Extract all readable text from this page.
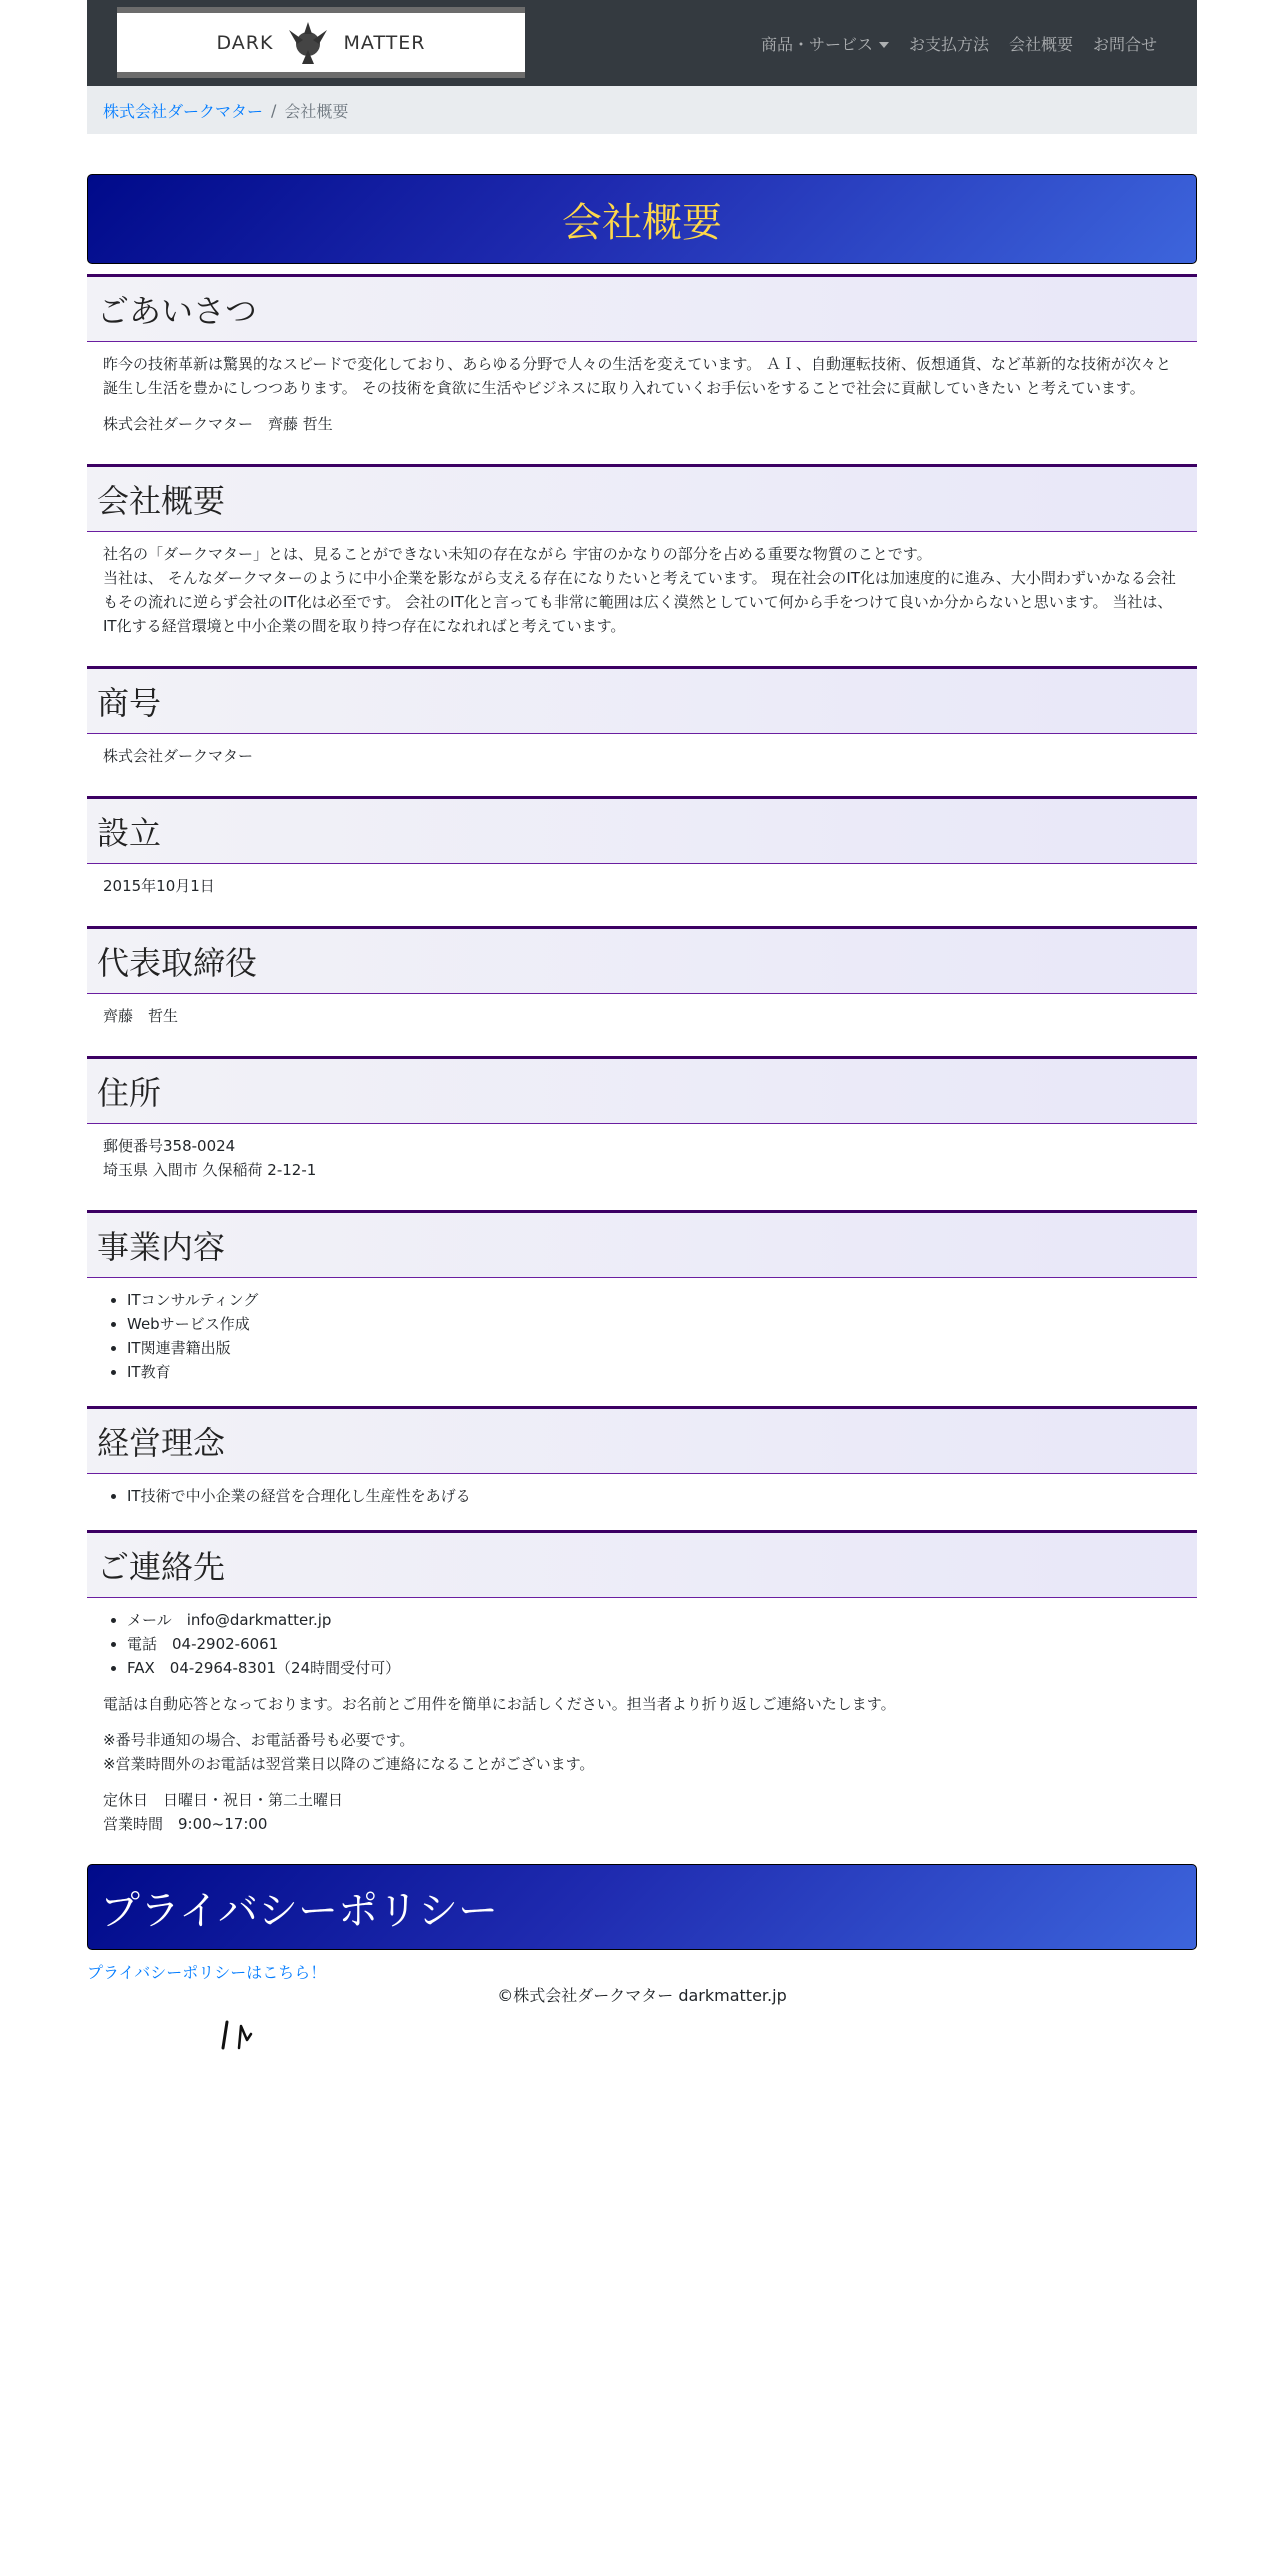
DARK	MATTER	商品・サービス	お支払方法 会社概要 お問合せ
株式会社ダークマター / 会社概要
会社概要
ごあいさつ

昨今の技術革新は驚異的なスピードで変化しており、あらゆる分野で人々の生活を変えています。 ＡＩ、自動運転技術、仮想通貨、など革新的な技術が次々と誕生し生活を豊かにしつつあります。 その技術を貪欲に生活やビジネスに取り入れていくお手伝いをすることで社会に貢献していきたい と考えています。

株式会社ダークマター　齊藤 哲生

会社概要

社名の「ダークマター」とは、見ることができない未知の存在ながら 宇宙のかなりの部分を占める重要な物質のことです。
当社は、 そんなダークマターのように中小企業を影ながら支える存在になりたいと考えています。 現在社会のIT化は加速度的に進み、大小問わずいかなる会社もその流れに逆らず会社のIT化は必至です。 会社のIT化と言っても非常に範囲は広く漠然としていて何から手をつけて良いか分からないと思います。 当社は、IT化する経営環境と中小企業の間を取り持つ存在になれればと考えています。

商号

株式会社ダークマター

設立

2015年10月1日

代表取締役

齊藤　哲生

住所

郵便番号358-0024
埼玉県 入間市 久保稲荷 2-12-1

事業内容
• ITコンサルティング
• Webサービス作成
• IT関連書籍出版
• IT教育
経営理念
• IT技術で中小企業の経営を合理化し生産性をあげる
ご連絡先
• メール　info@darkmatter.jp
• 電話　04-2902-6061
• FAX　04-2964-8301（24時間受付可）

電話は自動応答となっております。お名前とご用件を簡単にお話しください。担当者より折り返しご連絡いたします。

※番号非通知の場合、お電話番号も必要です。
※営業時間外のお電話は翌営業日以降のご連絡になることがございます。

定休日　日曜日・祝日・第二土曜日
営業時間　9:00~17:00

プライバシーポリシー
プライバシーポリシーはこちら！
©株式会社ダークマター darkmatter.jp
